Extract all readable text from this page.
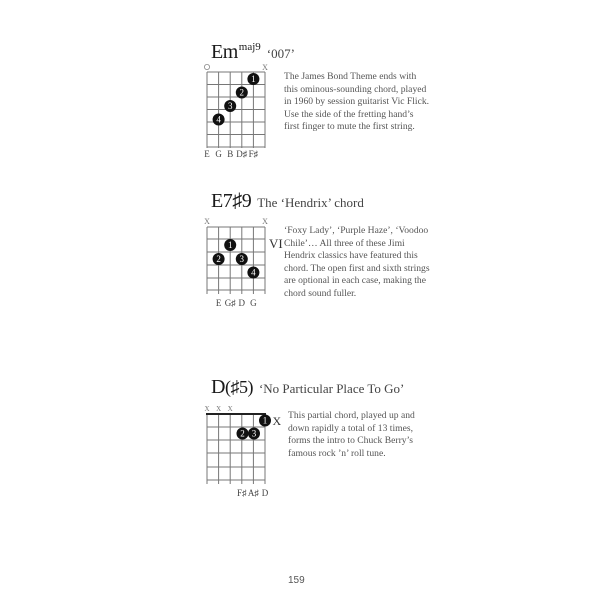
$Em^{maj9}$ ‘007’
X
1
2
3
4
E G B D♯ F♯
X	X
VI
1
2 3
4
E G♯ D G
X X X
1 X
2 3
F♯ A♯ D
The James Bond Theme ends with
this ominous-sounding chord, played
in 1960 by session guitarist Vic Flick.
Use the side of the fretting hand’s
first finger to mute the first string.
E7♯9 The ‘Hendrix’ chord
‘Foxy Lady’, ‘Purple Haze’, ‘Voodoo
Chile’… All three of these Jimi
Hendrix classics have featured this
chord. The open first and sixth strings
are optional in each case, making the
chord sound fuller.
D(♯5) ‘No Particular Place To Go’
This partial chord, played up and
down rapidly a total of 13 times,
forms the intro to Chuck Berry’s
famous rock ’n’ roll tune.
159
